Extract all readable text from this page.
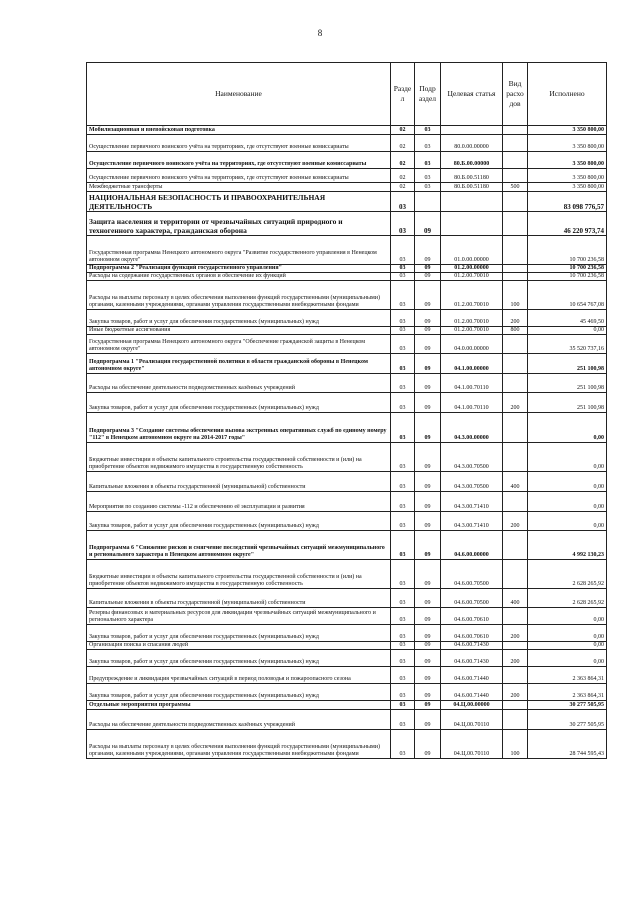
8
Наименование	Разде л	Подр аздел	Целевая статья	Вид расхо дов	Исполнено
Мобилизационная и вневойсковая подготовка	02	03			3 350 800,00
Осуществление первичного воинского учёта на территориях, где отсутствуют военные комиссариаты	02	03	80.0.00.00000		3 350 800,00
Осуществление первичного воинского учёта на территориях, где отсутствуют военные комиссариаты	02	03	80.Б.00.00000		3 350 800,00
Осуществление первичного воинского учёта на территориях, где отсутствуют военные комиссариаты	02	03	80.Б.00.51180		3 350 800,00
Межбюджетные трансферты	02	03	80.Б.00.51180	500	3 350 800,00
НАЦИОНАЛЬНАЯ БЕЗОПАСНОСТЬ И ПРАВООХРАНИТЕЛЬНАЯ ДЕЯТЕЛЬНОСТЬ	03				83 098 776,57
Защита населения и территории от чрезвычайных ситуаций природного и техногенного характера, гражданская оборона	03	09			46 220 973,74
Государственная программа Ненецкого автономного округа "Развитие государственного управления в Ненецком автономном округе"	03	09	01.0.00.00000		10 700 236,58
Подпрограмма 2 "Реализация функций государственного управления"	03	09	01.2.00.00000		10 700 236,58
Расходы на содержание государственных органов и обеспечение их функций	03	09	01.2.00.70010		10 700 236,58
Расходы на выплаты персоналу в целях обеспечения выполнения функций государственными (муниципальными) органами, казенными учреждениями, органами управления государственными внебюджетными фондами	03	09	01.2.00.70010	100	10 654 767,08
Закупка товаров, работ и услуг для обеспечения государственных (муниципальных) нужд	03	09	01.2.00.70010	200	45 469,50
Иные бюджетные ассигнования	03	09	01.2.00.70010	800	0,00
Государственная программа Ненецкого автономного округа "Обеспечение гражданской защиты в Ненецком автономном округе"	03	09	04.0.00.00000		35 520 737,16
Подпрограмма 1 "Реализация государственной политики в области гражданской обороны в Ненецком автономном округе"	03	09	04.1.00.00000		251 100,98
Расходы на обеспечение деятельности подведомственных казённых учреждений	03	09	04.1.00.70110		251 100,98
Закупка товаров, работ и услуг для обеспечения государственных (муниципальных) нужд	03	09	04.1.00.70110	200	251 100,98
Подпрограмма 3 "Создание системы обеспечения вызова экстренных оперативных служб по единому номеру "112" в Ненецком автономном округе на 2014-2017 годы"	03	09	04.3.00.00000		0,00
Бюджетные инвестиции в объекты капитального строительства государственной собственности и (или) на приобретение объектов недвижимого имущества в государственную собственность	03	09	04.3.00.70500		0,00
Капитальные вложения в объекты государственной (муниципальной) собственности	03	09	04.3.00.70500	400	0,00
Мероприятия по созданию системы -112 и обеспечению её эксплуатации и развития	03	09	04.3.00.71410		0,00
Закупка товаров, работ и услуг для обеспечения государственных (муниципальных) нужд	03	09	04.3.00.71410	200	0,00
Подпрограмма 6 "Снижение рисков и смягчение последствий чрезвычайных ситуаций межмуниципального и регионального характера в Ненецком автономном округе"	03	09	04.6.00.00000		4 992 130,23
Бюджетные инвестиции в объекты капитального строительства государственной собственности и (или) на приобретение объектов недвижимого имущества в государственную собственность	03	09	04.6.00.70500		2 628 265,92
Капитальные вложения в объекты государственной (муниципальной) собственности	03	09	04.6.00.70500	400	2 628 265,92
Резервы финансовых и материальных ресурсов для ликвидации чрезвычайных ситуаций межмуниципального и регионального характера	03	09	04.6.00.70610		0,00
Закупка товаров, работ и услуг для обеспечения государственных (муниципальных) нужд	03	09	04.6.00.70610	200	0,00
Организация поиска и спасания людей	03	09	04.6.00.71430		0,00
Закупка товаров, работ и услуг для обеспечения государственных (муниципальных) нужд	03	09	04.6.00.71430	200	0,00
Предупреждение и ликвидация чрезвычайных ситуаций в период половодья и пожароопасного сезона	03	09	04.6.00.71440		2 363 864,31
Закупка товаров, работ и услуг для обеспечения государственных (муниципальных) нужд	03	09	04.6.00.71440	200	2 363 864,31
Отдельные мероприятия программы	03	09	04.Ц.00.00000		30 277 505,95
Расходы на обеспечение деятельности подведомственных казённых учреждений	03	09	04.Ц.00.70110		30 277 505,95
Расходы на выплаты персоналу в целях обеспечения выполнения функций государственными (муниципальными) органами, казенными учреждениями, органами управления государственными внебюджетными фондами	03	09	04.Ц.00.70110	100	28 744 595,43
